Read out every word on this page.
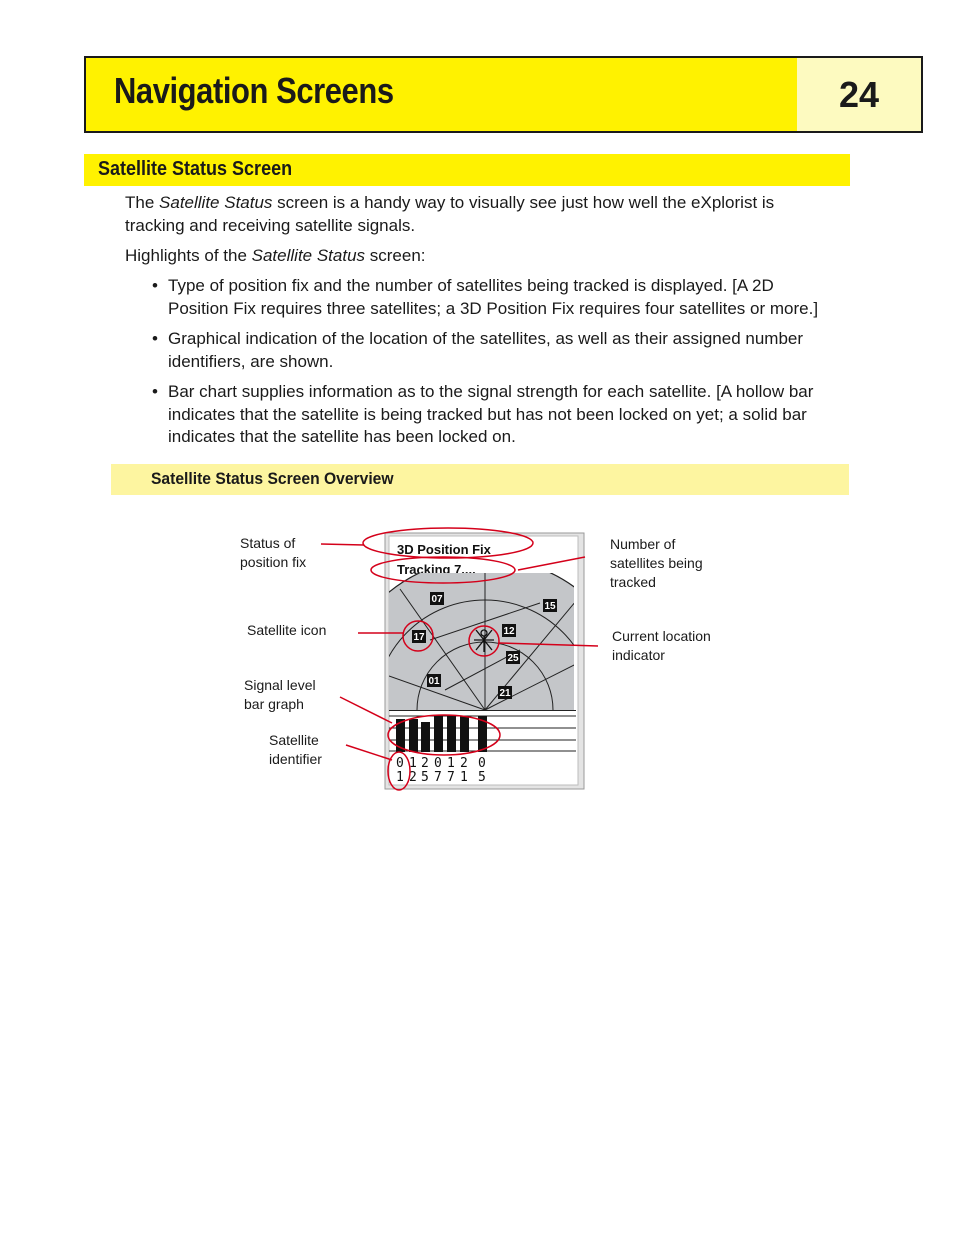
Navigation Screens	24
Satellite Status Screen
The Satellite Status screen is a handy way to visually see just how well the eXplorist is
tracking and receiving satellite signals.
Highlights of the Satellite Status screen:
• Type of position fix and the number of satellites being tracked is displayed. [A 2D
Position Fix requires three satellites; a 3D Position Fix requires four satellites or more.]
• Graphical indication of the location of the satellites, as well as their assigned number
identifiers, are shown.
• Bar chart supplies information as to the signal strength for each satellite. [A hollow bar
indicates that the satellite is being tracked but has not been locked on yet; a solid bar
indicates that the satellite has been locked on.
Satellite Status Screen Overview
3D Position Fix
Tracking 7....
07
15
17
12
25
01
21
0 1 2 0 1 2 0
1 2 5 7 7 1 5
Status of
position fix
Satellite icon
Signal level
bar graph
Satellite
identifier
Number of
satellites being
tracked
Current location
indicator
